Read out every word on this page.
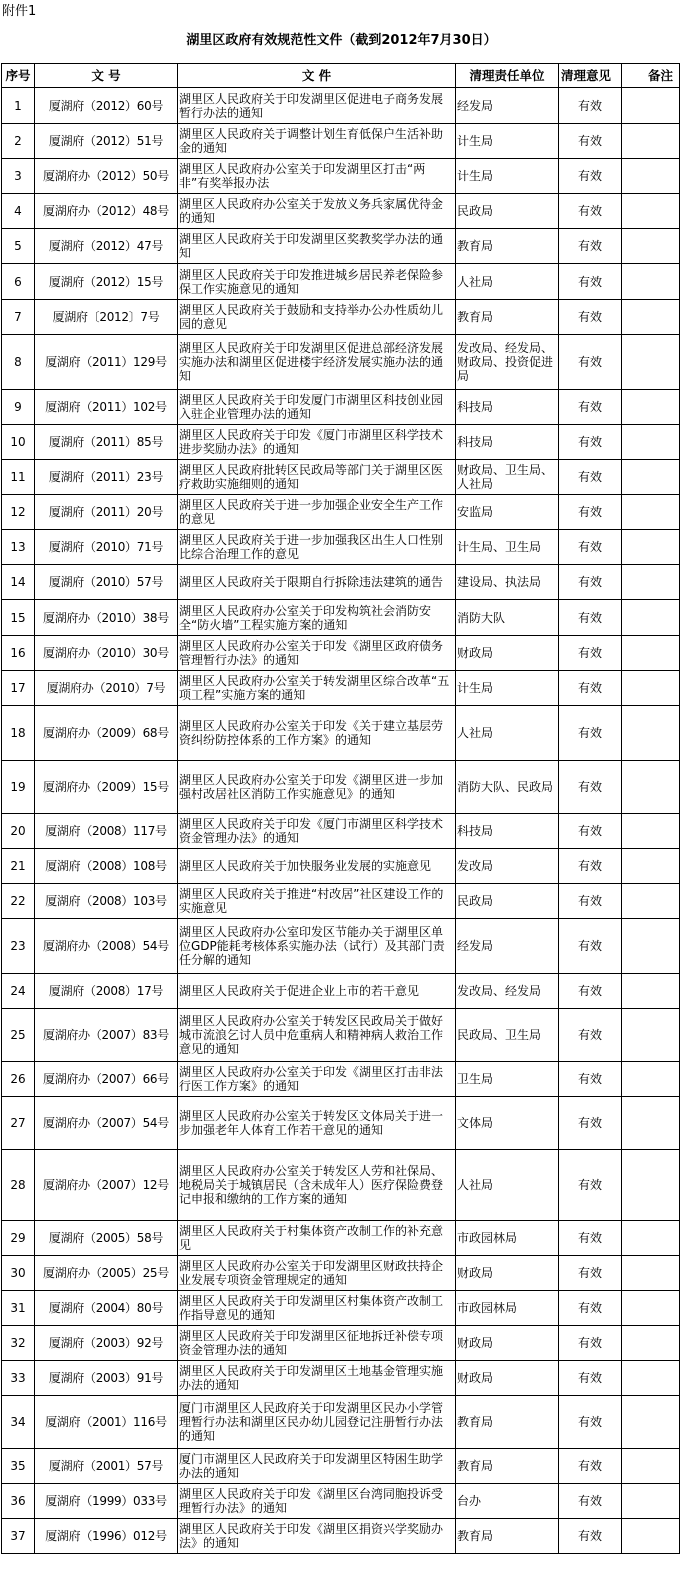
附件1
湖里区政府有效规范性文件（截到2012年7月30日）
序号	文 号	文 件	清理责任单位	清理意见	备注
1	厦湖府（2012）60号	湖里区人民政府关于印发湖里区促进电子商务发展暂行办法的通知	经发局	有效	
2	厦湖府（2012）51号	湖里区人民政府关于调整计划生育低保户生活补助金的通知	计生局	有效	
3	厦湖府办（2012）50号	湖里区人民政府办公室关于印发湖里区打击“两非”有奖举报办法	计生局	有效	
4	厦湖府办（2012）48号	湖里区人民政府办公室关于发放义务兵家属优待金的通知	民政局	有效	
5	厦湖府（2012）47号	湖里区人民政府关于印发湖里区奖教奖学办法的通知	教育局	有效	
6	厦湖府（2012）15号	湖里区人民政府关于印发推进城乡居民养老保险参保工作实施意见的通知	人社局	有效	
7	厦湖府〔2012〕7号	湖里区人民政府关于鼓励和支持举办公办性质幼儿园的意见	教育局	有效	
8	厦湖府（2011）129号	湖里区人民政府关于印发湖里区促进总部经济发展实施办法和湖里区促进楼宇经济发展实施办法的通知	发改局、经发局、财政局、投资促进局	有效	
9	厦湖府（2011）102号	湖里区人民政府关于印发厦门市湖里区科技创业园入驻企业管理办法的通知	科技局	有效	
10	厦湖府（2011）85号	湖里区人民政府关于印发《厦门市湖里区科学技术进步奖励办法》的通知	科技局	有效	
11	厦湖府（2011）23号	湖里区人民政府批转区民政局等部门关于湖里区医疗救助实施细则的通知	财政局、卫生局、人社局	有效	
12	厦湖府（2011）20号	湖里区人民政府关于进一步加强企业安全生产工作的意见	安监局	有效	
13	厦湖府（2010）71号	湖里区人民政府关于进一步加强我区出生人口性别比综合治理工作的意见	计生局、卫生局	有效	
14	厦湖府（2010）57号	湖里区人民政府关于限期自行拆除违法建筑的通告	建设局、执法局	有效	
15	厦湖府办（2010）38号	湖里区人民政府办公室关于印发构筑社会消防安全“防火墙”工程实施方案的通知	消防大队	有效	
16	厦湖府办（2010）30号	湖里区人民政府办公室关于印发《湖里区政府债务管理暂行办法》的通知	财政局	有效	
17	厦湖府办（2010）7号	湖里区人民政府办公室关于转发湖里区综合改革“五项工程”实施方案的通知	计生局	有效	
18	厦湖府办（2009）68号	湖里区人民政府办公室关于印发《关于建立基层劳资纠纷防控体系的工作方案》的通知	人社局	有效	
19	厦湖府办（2009）15号	湖里区人民政府办公室关于印发《湖里区进一步加强村改居社区消防工作实施意见》的通知	消防大队、民政局	有效	
20	厦湖府（2008）117号	湖里区人民政府关于印发《厦门市湖里区科学技术资金管理办法》的通知	科技局	有效	
21	厦湖府（2008）108号	湖里区人民政府关于加快服务业发展的实施意见	发改局	有效	
22	厦湖府（2008）103号	湖里区人民政府关于推进“村改居”社区建设工作的实施意见	民政局	有效	
23	厦湖府办（2008）54号	湖里区人民政府办公室印发区节能办关于湖里区单位GDP能耗考核体系实施办法（试行）及其部门责任分解的通知	经发局	有效	
24	厦湖府（2008）17号	湖里区人民政府关于促进企业上市的若干意见	发改局、经发局	有效	
25	厦湖府办（2007）83号	湖里区人民政府办公室关于转发区民政局关于做好城市流浪乞讨人员中危重病人和精神病人救治工作意见的通知	民政局、卫生局	有效	
26	厦湖府办（2007）66号	湖里区人民政府办公室关于印发《湖里区打击非法行医工作方案》的通知	卫生局	有效	
27	厦湖府办（2007）54号	湖里区人民政府办公室关于转发区文体局关于进一步加强老年人体育工作若干意见的通知	文体局	有效	
28	厦湖府办（2007）12号	湖里区人民政府办公室关于转发区人劳和社保局、地税局关于城镇居民（含未成年人）医疗保险费登记申报和缴纳的工作方案的通知	人社局	有效	
29	厦湖府（2005）58号	湖里区人民政府关于村集体资产改制工作的补充意见	市政园林局	有效	
30	厦湖府办（2005）25号	湖里区人民政府办公室关于印发湖里区财政扶持企业发展专项资金管理规定的通知	财政局	有效	
31	厦湖府（2004）80号	湖里区人民政府关于印发湖里区村集体资产改制工作指导意见的通知	市政园林局	有效	
32	厦湖府（2003）92号	湖里区人民政府关于印发湖里区征地拆迁补偿专项资金管理办法的通知	财政局	有效	
33	厦湖府（2003）91号	湖里区人民政府关于印发湖里区土地基金管理实施办法的通知	财政局	有效	
34	厦湖府（2001）116号	厦门市湖里区人民政府关于印发湖里区民办小学管理暂行办法和湖里区民办幼儿园登记注册暂行办法的通知	教育局	有效	
35	厦湖府（2001）57号	厦门市湖里区人民政府关于印发湖里区特困生助学办法的通知	教育局	有效	
36	厦湖府（1999）033号	湖里区人民政府关于印发《湖里区台湾同胞投诉受理暂行办法》的通知	台办	有效	
37	厦湖府（1996）012号	湖里区人民政府关于印发《湖里区捐资兴学奖励办法》的通知	教育局	有效	
